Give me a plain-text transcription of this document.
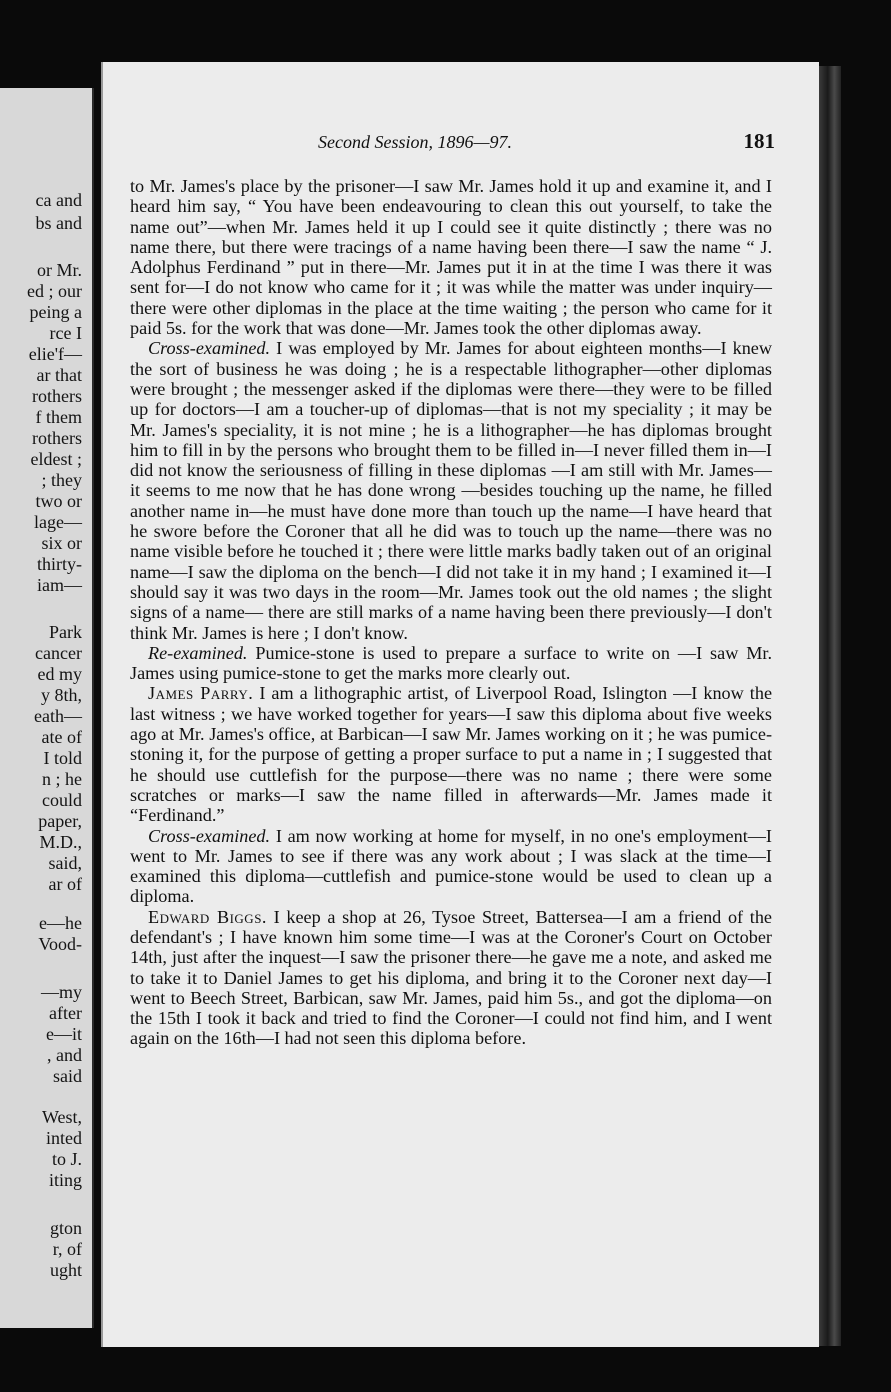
ca and
bs and
or Mr.
ed ; our
peing a
rce I
elie'f—
ar that
rothers
f them
rothers
eldest ;
; they
two or
lage—
six or
thirty-
iam—
Park
cancer
ed my
y 8th,
eath—
ate of
I told
n ; he
could
paper,
M.D.,
said,
ar of
e—he
Vood-
—my
after
e—it
, and
said
West,
inted
to J.
iting
gton
r, of
ught
Second Session, 1896—97.	181

to Mr. James's place by the prisoner—I saw Mr. James hold it up and examine it, and I heard him say, “ You have been endeavouring to clean this out yourself, to take the name out”—when Mr. James held it up I could see it quite distinctly ; there was no name there, but there were tracings of a name having been there—I saw the name “ J. Adolphus Ferdinand ” put in there—Mr. James put it in at the time I was there it was sent for—I do not know who came for it ; it was while the matter was under inquiry—there were other diplomas in the place at the time waiting ; the person who came for it paid 5s. for the work that was done—Mr. James took the other diplomas away.

Cross-examined. I was employed by Mr. James for about eighteen months—I knew the sort of business he was doing ; he is a respectable lithographer—other diplomas were brought ; the messenger asked if the diplomas were there—they were to be filled up for doctors—I am a toucher-up of diplomas—that is not my speciality ; it may be Mr. James's speciality, it is not mine ; he is a lithographer—he has diplomas brought him to fill in by the persons who brought them to be filled in—I never filled them in—I did not know the seriousness of filling in these diplomas —I am still with Mr. James—it seems to me now that he has done wrong —besides touching up the name, he filled another name in—he must have done more than touch up the name—I have heard that he swore before the Coroner that all he did was to touch up the name—there was no name visible before he touched it ; there were little marks badly taken out of an original name—I saw the diploma on the bench—I did not take it in my hand ; I examined it—I should say it was two days in the room—Mr. James took out the old names ; the slight signs of a name— there are still marks of a name having been there previously—I don't think Mr. James is here ; I don't know.

Re-examined. Pumice-stone is used to prepare a surface to write on —I saw Mr. James using pumice-stone to get the marks more clearly out.

James Parry. I am a lithographic artist, of Liverpool Road, Islington —I know the last witness ; we have worked together for years—I saw this diploma about five weeks ago at Mr. James's office, at Barbican—I saw Mr. James working on it ; he was pumice-stoning it, for the purpose of getting a proper surface to put a name in ; I suggested that he should use cuttlefish for the purpose—there was no name ; there were some scratches or marks—I saw the name filled in afterwards—Mr. James made it “Ferdinand.”

Cross-examined. I am now working at home for myself, in no one's employment—I went to Mr. James to see if there was any work about ; I was slack at the time—I examined this diploma—cuttlefish and pumice-stone would be used to clean up a diploma.

Edward Biggs. I keep a shop at 26, Tysoe Street, Battersea—I am a friend of the defendant's ; I have known him some time—I was at the Coroner's Court on October 14th, just after the inquest—I saw the prisoner there—he gave me a note, and asked me to take it to Daniel James to get his diploma, and bring it to the Coroner next day—I went to Beech Street, Barbican, saw Mr. James, paid him 5s., and got the diploma—on the 15th I took it back and tried to find the Coroner—I could not find him, and I went again on the 16th—I had not seen this diploma before.
